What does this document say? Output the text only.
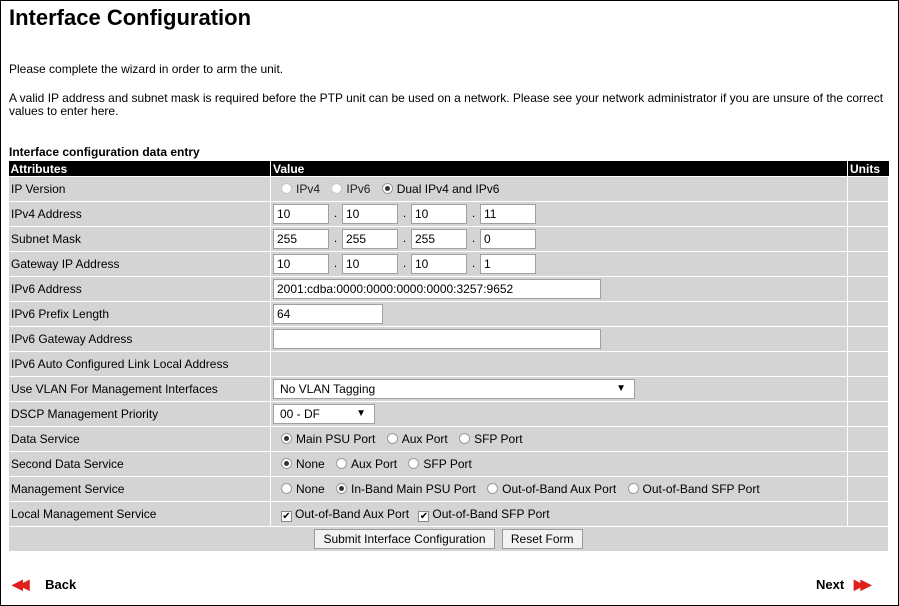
Interface Configuration
Please complete the wizard in order to arm the unit.
A valid IP address and subnet mask is required before the PTP unit can be used on a network. Please see your network administrator if you are unsure of the correct values to enter here.
Interface configuration data entry
Attributes	Value	Units
IP Version	IPv4 IPv6 Dual IPv4 and IPv6	
IPv4 Address	10 . 10 . 10 . 11	
Subnet Mask	255 . 255 . 255 . 0	
Gateway IP Address	10 . 10 . 10 . 1	
IPv6 Address	2001:cdba:0000:0000:0000:0000:3257:9652	
IPv6 Prefix Length	64	
IPv6 Gateway Address		
IPv6 Auto Configured Link Local Address		
Use VLAN For Management Interfaces	No VLAN Tagging ▼	

DSCP Management Priority	00 - DF ▼	

Data Service	Main PSU Port Aux Port SFP Port	
Second Data Service	None Aux Port SFP Port	
Management Service	None In-Band Main PSU Port Out-of-Band Aux Port Out-of-Band SFP Port	
Local Management Service	✔ Out-of-Band Aux Port ✔ Out-of-Band SFP Port	
Submit Interface Configuration Reset Form		
◀◀ Back	Next ▶▶
